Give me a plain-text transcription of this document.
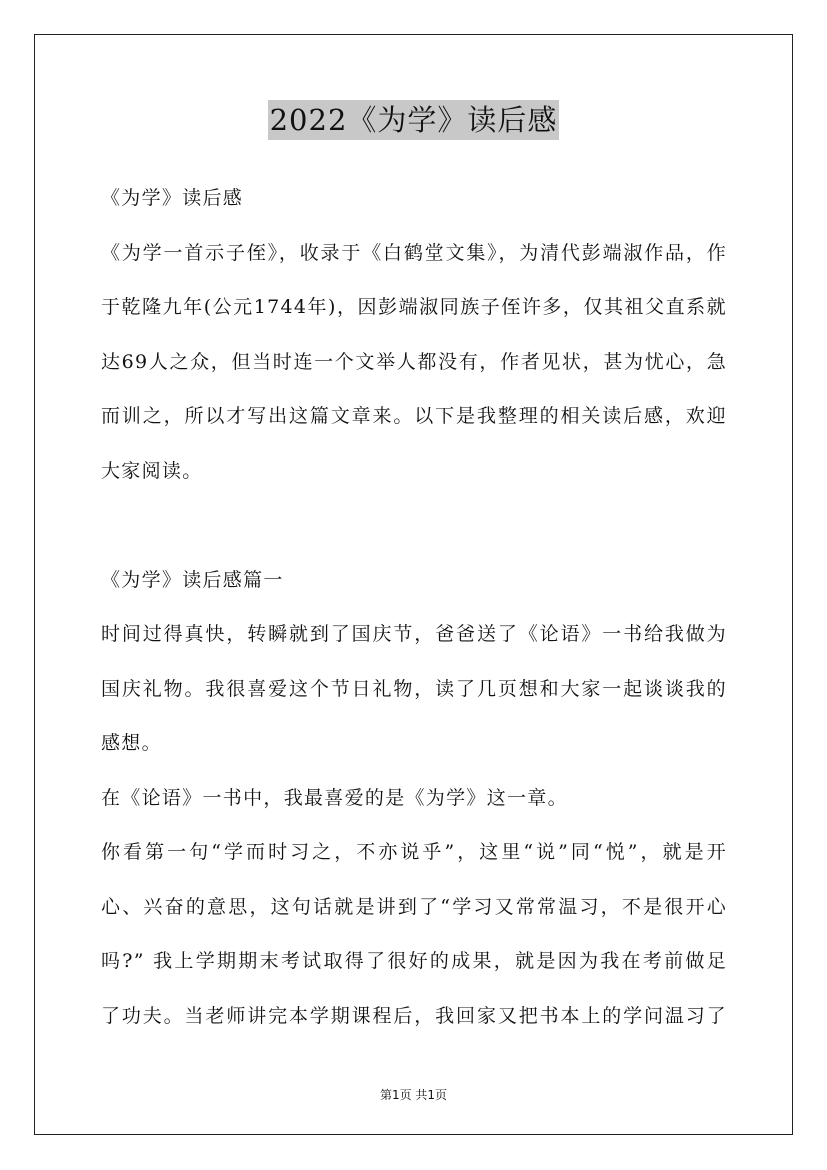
2022《为学》读后感
《为学》读后感
《为学一首示子侄》，收录于《白鹤堂文集》，为清代彭端淑作品，作
于乾隆九年(公元1744年)，因彭端淑同族子侄许多，仅其祖父直系就
达69人之众，但当时连一个文举人都没有，作者见状，甚为忧心，急
而训之，所以才写出这篇文章来。以下是我整理的相关读后感，欢迎
大家阅读。
《为学》读后感篇一
时间过得真快，转瞬就到了国庆节，爸爸送了《论语》一书给我做为
国庆礼物。我很喜爱这个节日礼物，读了几页想和大家一起谈谈我的
感想。
在《论语》一书中，我最喜爱的是《为学》这一章。
你看第一句“学而时习之，不亦说乎”，这里“说”同“悦”，就是开
心、兴奋的意思，这句话就是讲到了“学习又常常温习，不是很开心
吗?” 我上学期期末考试取得了很好的成果，就是因为我在考前做足
了功夫。当老师讲完本学期课程后，我回家又把书本上的学问温习了
第1页 共1页
